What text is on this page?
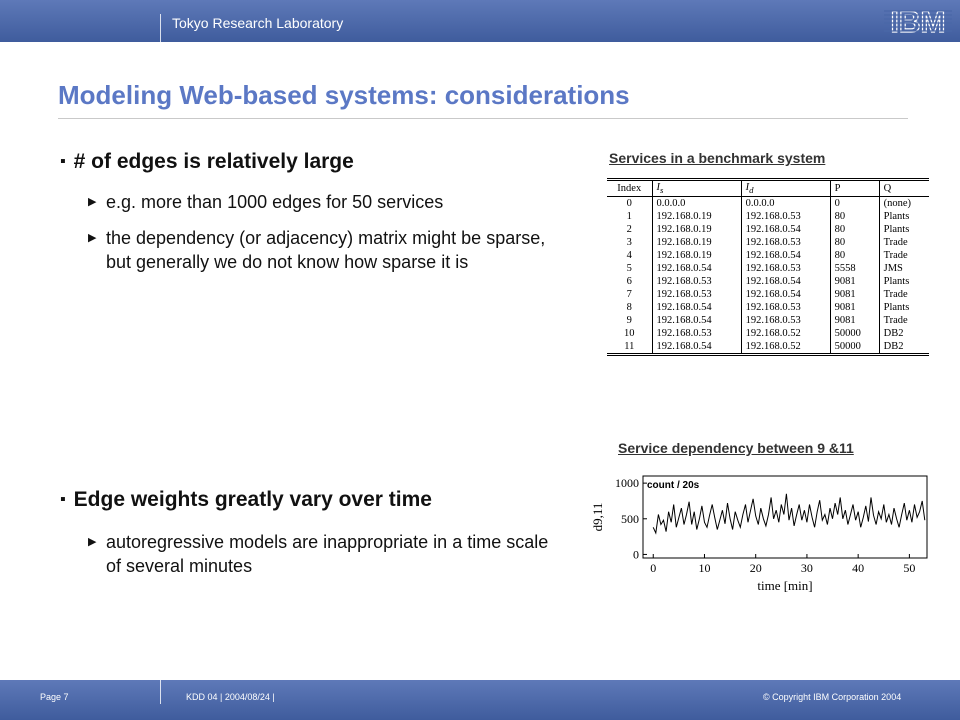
Tokyo Research Laboratory	IBM
Modeling Web-based systems: considerations
▪ # of edges is relatively large
▶ e.g. more than 1000 edges for 50 services
▶ the dependency (or adjacency) matrix might be sparse, but generally we do not know how sparse it is
▪ Edge weights greatly vary over time
▶ autoregressive models are inappropriate in a time scale of several minutes
Services in a benchmark system
Index	$I_s$	$I_d$	P	Q
0	0.0.0.0	0.0.0.0	0	(none)
1	192.168.0.19	192.168.0.53	80	Plants
2	192.168.0.19	192.168.0.54	80	Plants
3	192.168.0.19	192.168.0.53	80	Trade
4	192.168.0.19	192.168.0.54	80	Trade
5	192.168.0.54	192.168.0.53	5558	JMS
6	192.168.0.53	192.168.0.54	9081	Plants
7	192.168.0.53	192.168.0.54	9081	Trade
8	192.168.0.54	192.168.0.53	9081	Plants
9	192.168.0.54	192.168.0.53	9081	Trade
10	192.168.0.53	192.168.0.52	50000	DB2
11	192.168.0.54	192.168.0.52	50000	DB2
Service dependency between 9 &11
0	10	20	30	40	50
0
500
1000
time [min]
d9,11
count / 20s
Page 7	KDD 04 | 2004/08/24 |	© Copyright IBM Corporation 2004
